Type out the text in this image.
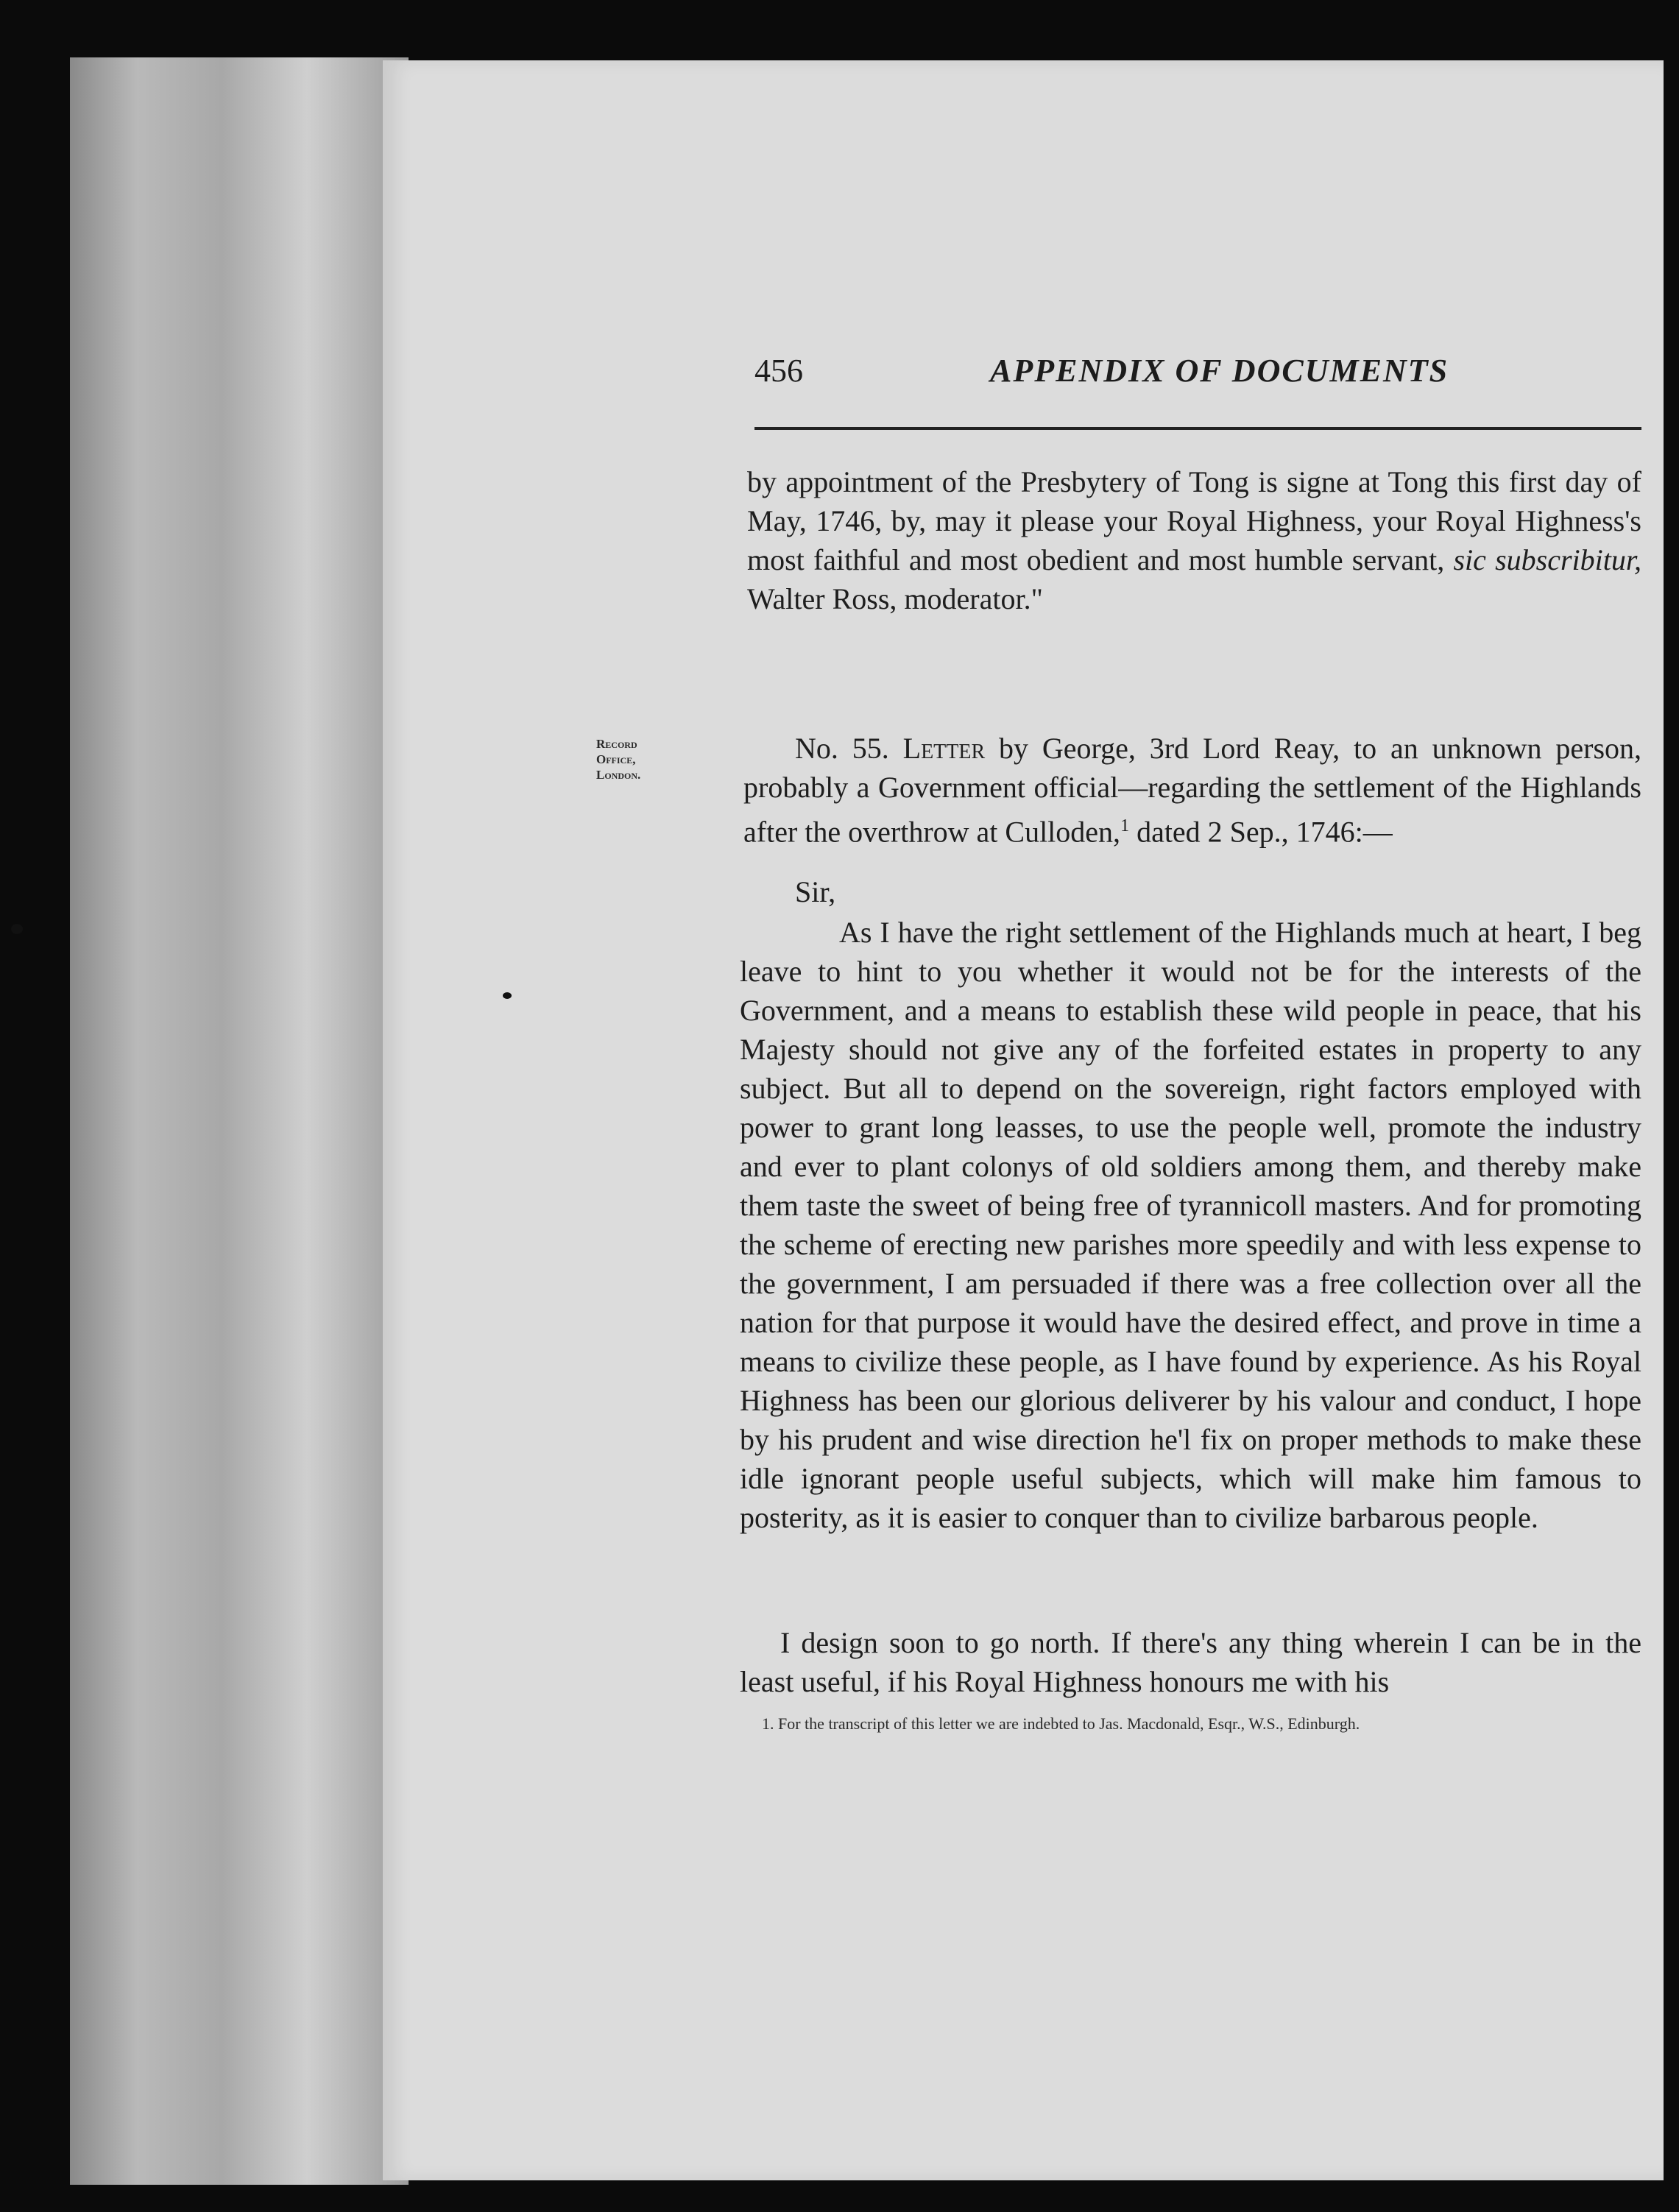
456	APPENDIX OF DOCUMENTS
by appointment of the Presbytery of Tong is signe at Tong this first day of May, 1746, by, may it please your Royal Highness, your Royal Highness's most faithful and most obedient and most humble servant, sic subscribitur, Walter Ross, moderator."
Record
Office,
London.
No. 55. Letter by George, 3rd Lord Reay, to an unknown person, probably a Government official—regarding the settlement of the Highlands after the overthrow at Culloden,$^1$ dated 2 Sep., 1746:—
Sir,
As I have the right settlement of the Highlands much at heart, I beg leave to hint to you whether it would not be for the interests of the Government, and a means to establish these wild people in peace, that his Majesty should not give any of the forfeited estates in property to any subject. But all to depend on the sovereign, right factors employed with power to grant long leasses, to use the people well, promote the industry and ever to plant colonys of old soldiers among them, and thereby make them taste the sweet of being free of tyrannicoll masters. And for promoting the scheme of erecting new parishes more speedily and with less expense to the government, I am persuaded if there was a free collection over all the nation for that purpose it would have the desired effect, and prove in time a means to civilize these people, as I have found by experience. As his Royal Highness has been our glorious deliverer by his valour and conduct, I hope by his prudent and wise direction he'l fix on proper methods to make these idle ignorant people useful subjects, which will make him famous to posterity, as it is easier to conquer than to civilize barbarous people.
I design soon to go north. If there's any thing wherein I can be in the least useful, if his Royal Highness honours me with his
1. For the transcript of this letter we are indebted to Jas. Macdonald, Esqr., W.S., Edinburgh.
